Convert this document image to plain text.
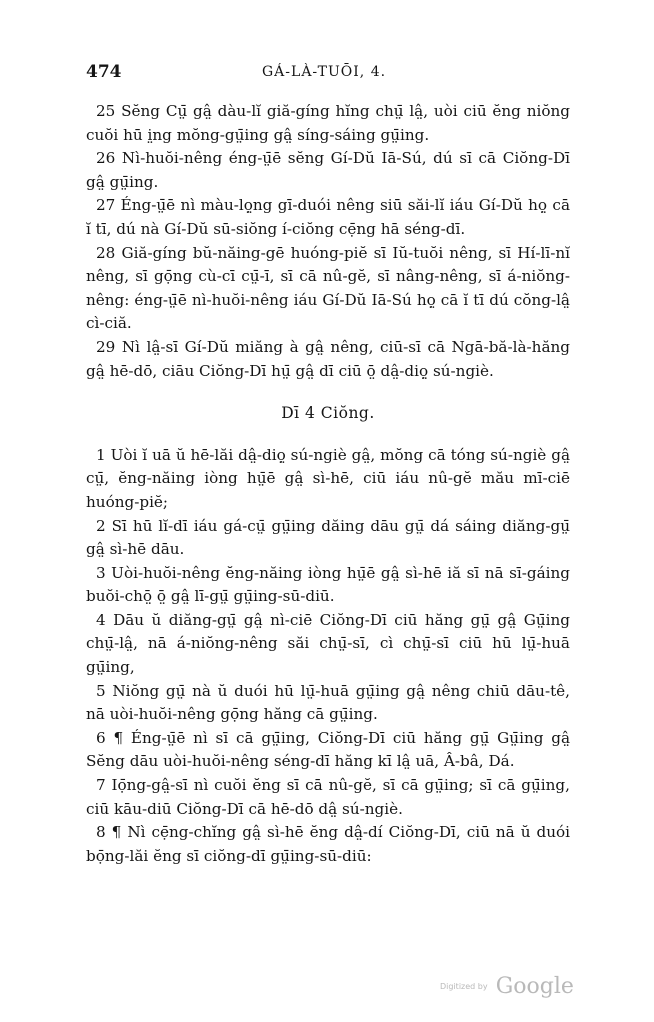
474	GÁ-LÀ-TUŌI, 4.

25 Sĕng Cṳ̄ gâ̤ dàu-lĭ giă-gíng hĭng chṳ̄ lâ̤, uòi ciū ĕng niŏng cuŏi hū i̤ng mŏng-gṳ̄ing gâ̤ síng-sáing gṳ̄ing.

26 Nì-huŏi-nêng éng-ṳ̄ē sĕng Gí-Dŭ Iā-Sú, dú sī cā Ciŏng-Dī gâ̤ gṳ̄ing.

27 Éng-ṳ̄ē nì màu-lọ̤ng gī-duói nêng siū săi-lĭ iáu Gí-Dŭ họ̤ cā ĭ tī, dú nà Gí-Dŭ sū-siŏng í-ciŏng cẹ̄ng hā séng-dī.

28 Giă-gíng bŭ-năing-gē huóng-piĕ sī Iŭ-tuŏi nêng, sī Hí-lī-nĭ nêng, sī gọ̄ng cù-cī cṳ̄-ī, sī cā nû-gĕ, sī nâng-nêng, sī á-niŏng-nêng: éng-ṳ̄ē nì-huŏi-nêng iáu Gí-Dŭ Iā-Sú họ̤ cā ĭ tī dú cŏng-lâ̤ cì-ciă.

29 Nì lâ̤-sī Gí-Dŭ miăng à gâ̤ nêng, ciū-sī cā Ngā-bă-là-hăng gâ̤ hē-dō, ciāu Ciŏng-Dī hṳ̄ gâ̤ dī ciū ō̤ dâ̤-diọ̤ sú-ngiè.

Dī 4 Ciŏng.

1 Uòi ĭ uā ŭ hē-lăi dâ̤-diọ̤ sú-ngiè gâ̤, mŏng cā tóng sú-ngiè gâ̤ cṳ̄, ĕng-năing iòng hṳ̄ē gâ̤ sì-hē, ciū iáu nû-gĕ mău mī-ciē huóng-piĕ;

2 Sī hū lĭ-dī iáu gá-cṳ̄ gṳ̄ing dăing dāu gṳ̄ dá sáing diăng-gṳ̄ gâ̤ sì-hē dāu.

3 Uòi-huŏi-nêng ĕng-năing iòng hṳ̄ē gâ̤ sì-hē iă sī nā sī-gáing buŏi-chō̤ ō̤ gâ̤ lī-gṳ̄ gṳ̄ing-sū-diū.

4 Dāu ŭ diăng-gṳ̄ gâ̤ nì-ciē Ciŏng-Dī ciū hăng gṳ̄ gâ̤ Gṳ̄ing chṳ̄-lâ̤, nā á-niŏng-nêng săi chṳ̄-sī, cì chṳ̄-sī ciū hū lṳ̄-huā gṳ̄ing,

5 Niŏng gṳ̄ nà ŭ duói hū lṳ̄-huā gṳ̄ing gâ̤ nêng chiū dāu-tê, nā uòi-huŏi-nêng gọ̄ng hăng cā gṳ̄ing.

6 ¶ Éng-ṳ̄ē nì sī cā gṳ̄ing, Ciŏng-Dī ciū hăng gṳ̄ Gṳ̄ing gâ̤ Sĕng dāu uòi-huŏi-nêng séng-dī hăng kī lâ̤ uā, Â-bâ, Dá.

7 Iọ̄ng-gâ̤-sī nì cuŏi ĕng sī cā nû-gĕ, sī cā gṳ̄ing; sī cā gṳ̄ing, ciū kāu-diū Ciŏng-Dī cā hē-dō dâ̤ sú-ngiè.

8 ¶ Nì cẹ̄ng-chĭng gâ̤ sì-hē ĕng dâ̤-dí Ciŏng-Dī, ciū nā ŭ duói bọ̄ng-lăi ĕng sī ciŏng-dī gṳ̄ing-sū-diū:

Digitized by Google
